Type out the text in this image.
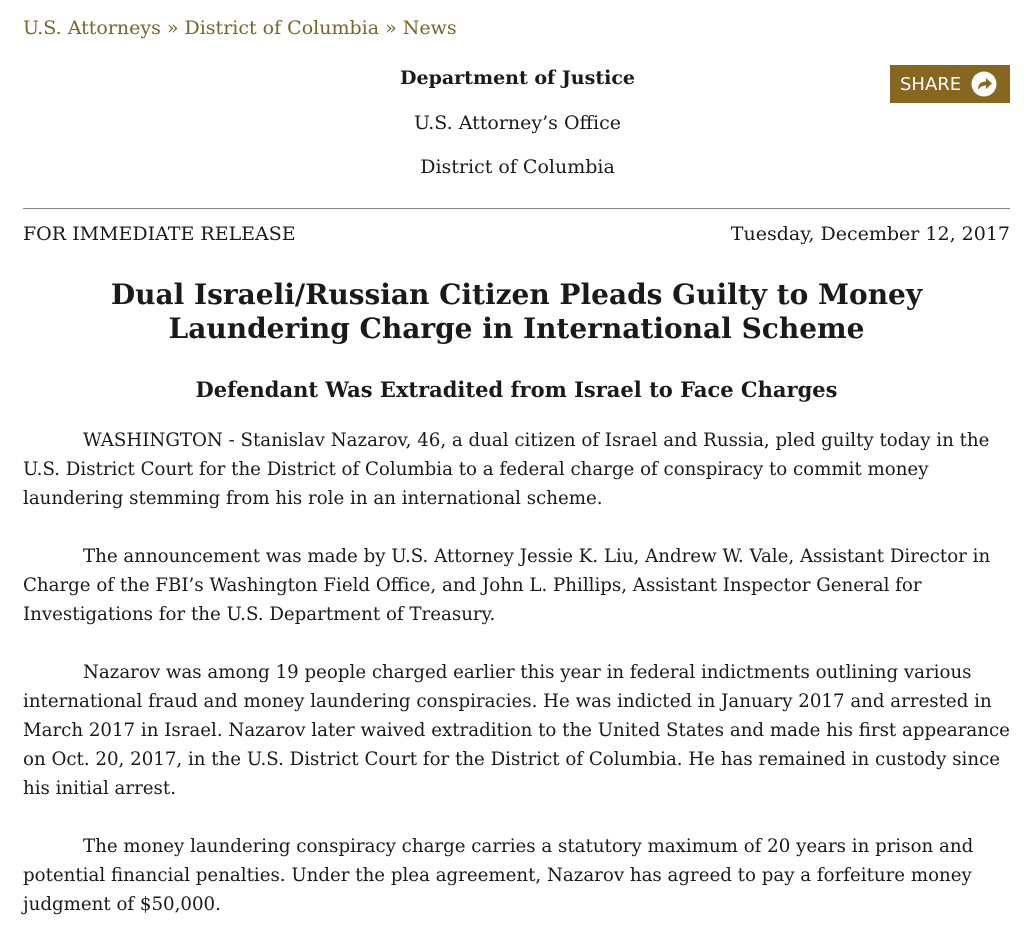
U.S. Attorneys » District of Columbia » News
Department of Justice
U.S. Attorney’s Office
District of Columbia
SHARE
FOR IMMEDIATE RELEASE	Tuesday, December 12, 2017
Dual Israeli/Russian Citizen Pleads Guilty to Money Laundering Charge in International Scheme
Defendant Was Extradited from Israel to Face Charges

WASHINGTON - Stanislav Nazarov, 46, a dual citizen of Israel and Russia, pled guilty today in the U.S. District Court for the District of Columbia to a federal charge of conspiracy to commit money laundering stemming from his role in an international scheme.

The announcement was made by U.S. Attorney Jessie K. Liu, Andrew W. Vale, Assistant Director in Charge of the FBI’s Washington Field Office, and John L. Phillips, Assistant Inspector General for Investigations for the U.S. Department of Treasury.

Nazarov was among 19 people charged earlier this year in federal indictments outlining various international fraud and money laundering conspiracies. He was indicted in January 2017 and arrested in March 2017 in Israel. Nazarov later waived extradition to the United States and made his first appearance on Oct. 20, 2017, in the U.S. District Court for the District of Columbia. He has remained in custody since his initial arrest.

The money laundering conspiracy charge carries a statutory maximum of 20 years in prison and potential financial penalties. Under the plea agreement, Nazarov has agreed to pay a forfeiture money judgment of $50,000.
